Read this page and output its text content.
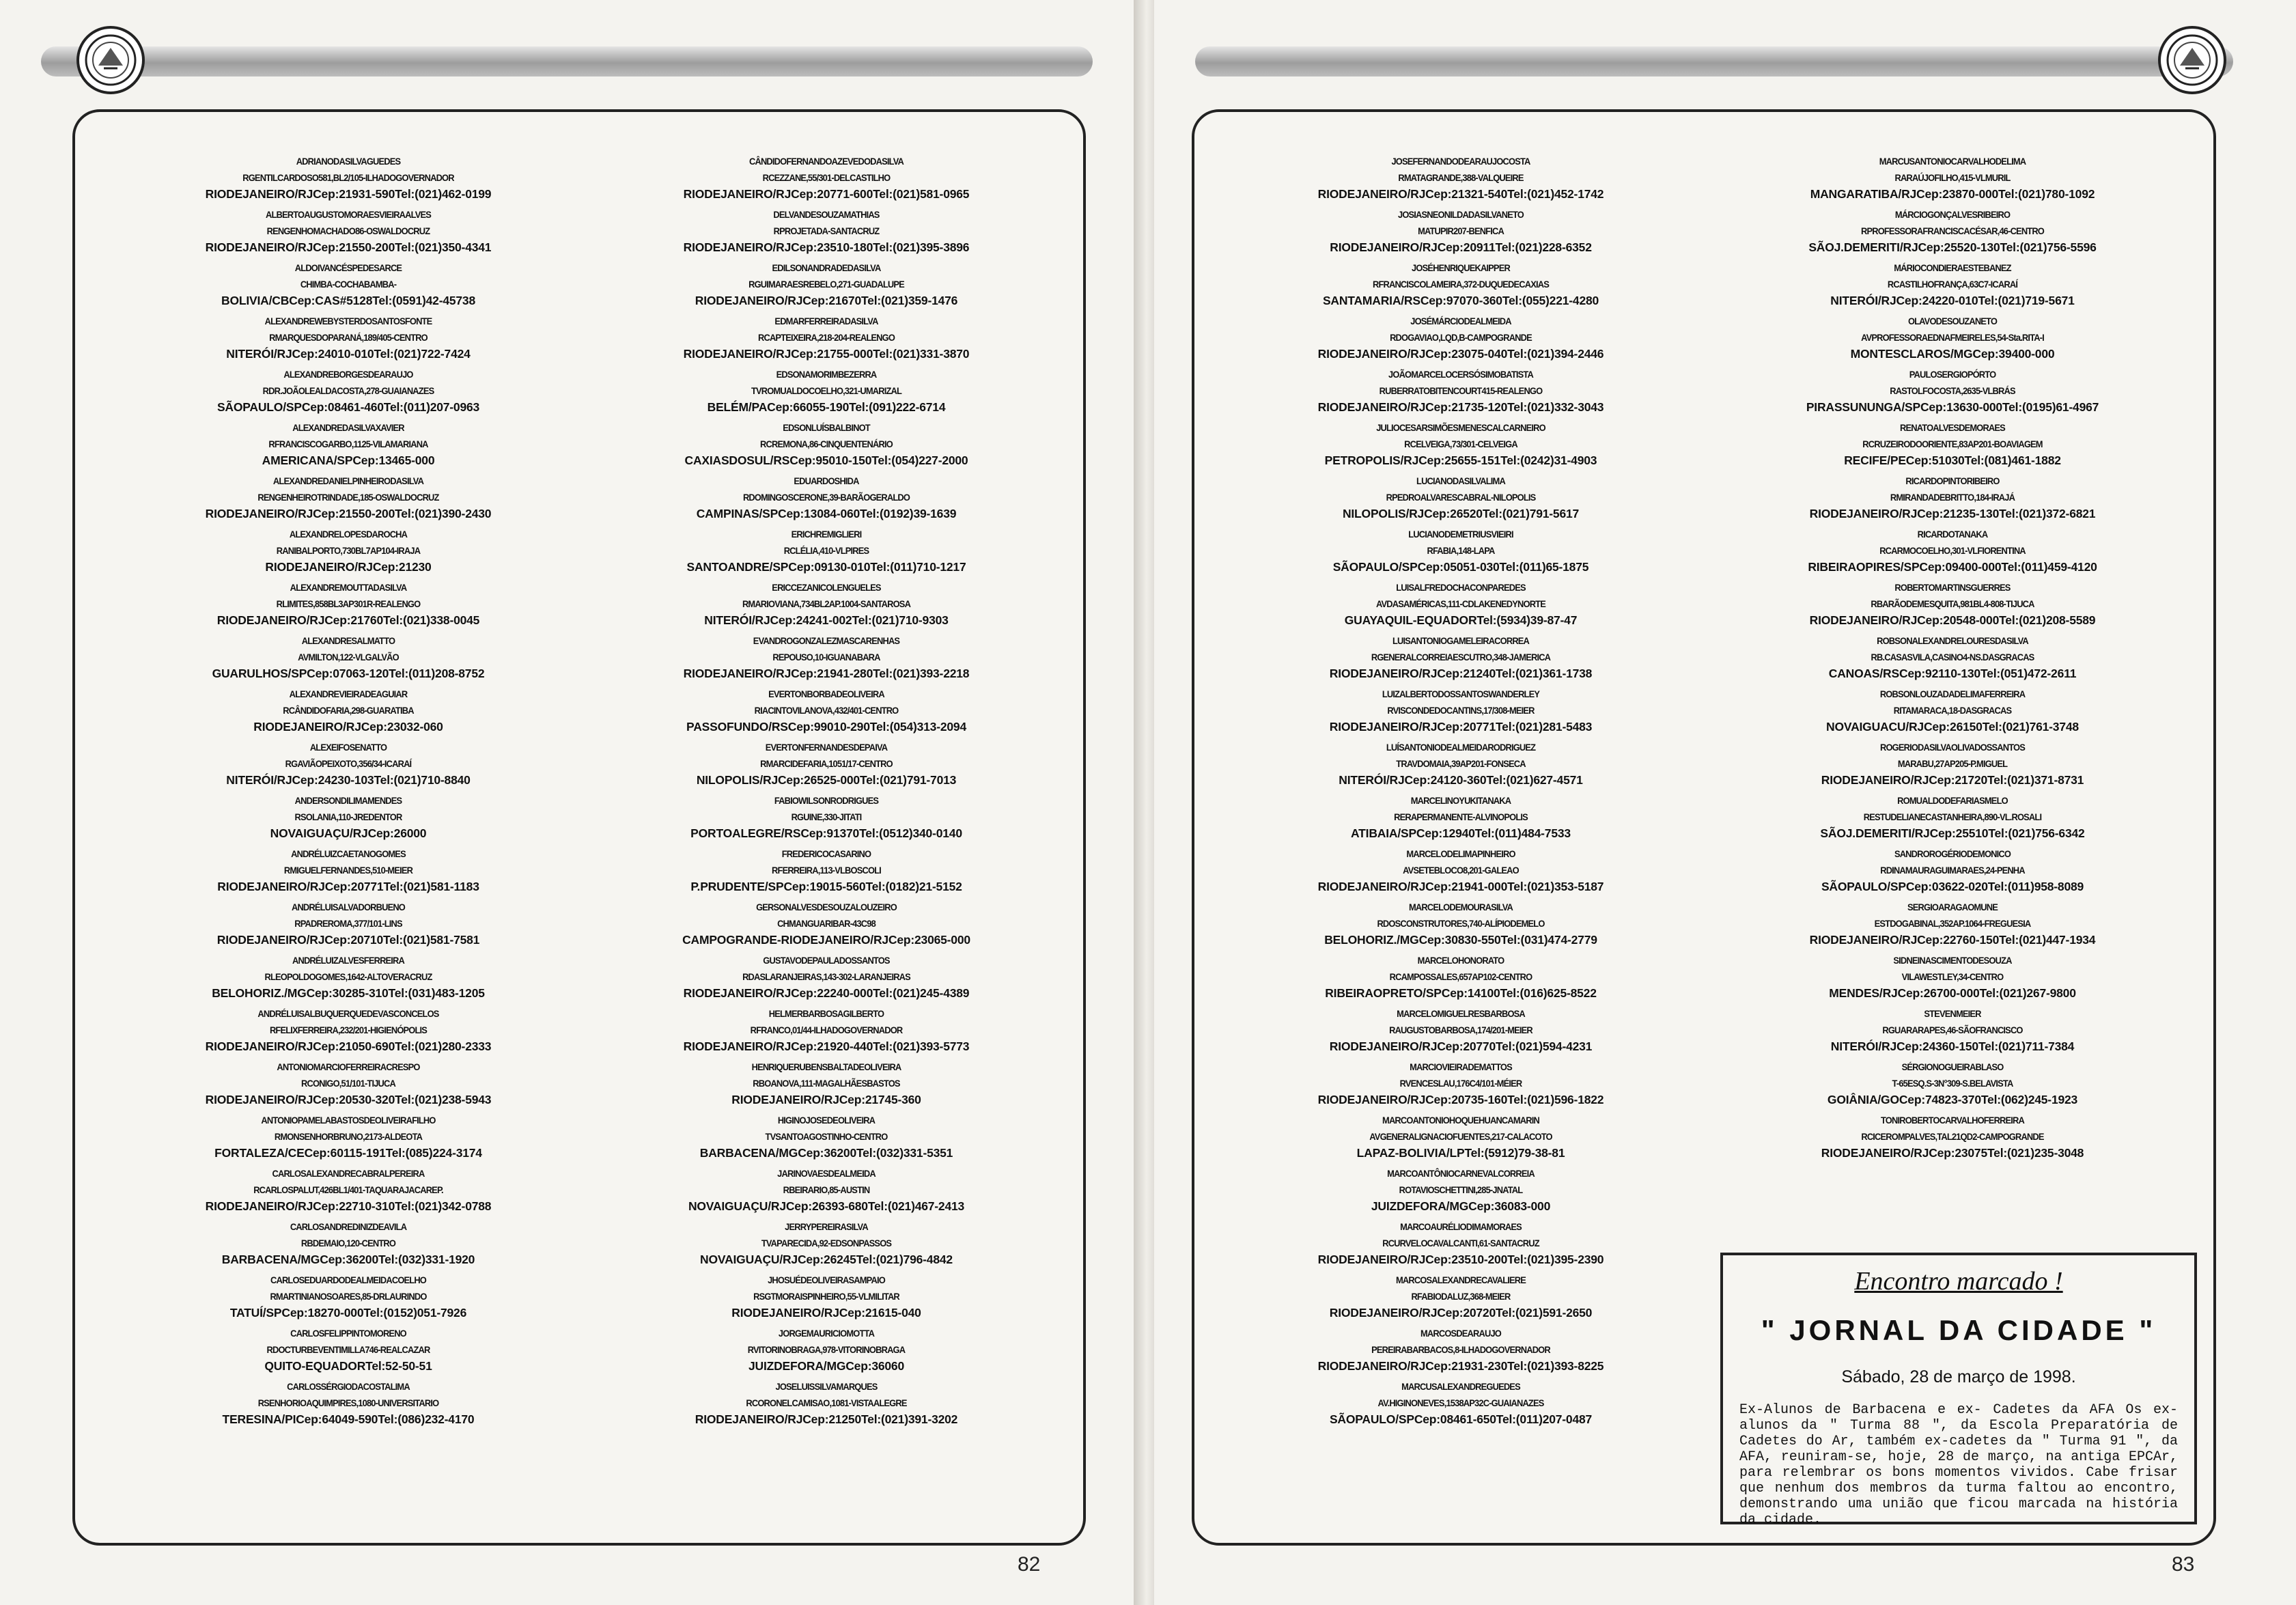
ADRIANODASILVAGUEDES
RGENTILCARDOSO581,BL2/105-ILHADOGOVERNADOR
RIODEJANEIRO/RJCep:21931-590Tel:(021)462-0199
ALBERTOAUGUSTOMORAESVIEIRAALVES
RENGENHOMACHADO86-OSWALDOCRUZ
RIODEJANEIRO/RJCep:21550-200Tel:(021)350-4341
ALDOIVANCÉSPEDESARCE
CHIMBA-COCHABAMBA-
BOLIVIA/CBCep:CAS#5128Tel:(0591)42-45738
ALEXANDREWEBYSTERDOSANTOSFONTE
RMARQUESDOPARANÁ,189/405-CENTRO
NITERÓI/RJCep:24010-010Tel:(021)722-7424
ALEXANDREBORGESDEARAUJO
RDR.JOÃOLEALDACOSTA,278-GUAIANAZES
SÃOPAULO/SPCep:08461-460Tel:(011)207-0963
ALEXANDREDASILVAXAVIER
RFRANCISCOGARBO,1125-VILAMARIANA
AMERICANA/SPCep:13465-000
ALEXANDREDANIELPINHEIRODASILVA
RENGENHEIROTRINDADE,185-OSWALDOCRUZ
RIODEJANEIRO/RJCep:21550-200Tel:(021)390-2430
ALEXANDRELOPESDAROCHA
RANIBALPORTO,730BL7AP104-IRAJA
RIODEJANEIRO/RJCep:21230
ALEXANDREMOUTTADASILVA
RLIMITES,858BL3AP301R-REALENGO
RIODEJANEIRO/RJCep:21760Tel:(021)338-0045
ALEXANDRESALMATTO
AVMILTON,122-VLGALVÃO
GUARULHOS/SPCep:07063-120Tel:(011)208-8752
ALEXANDREVIEIRADEAGUIAR
RCÂNDIDOFARIA,298-GUARATIBA
RIODEJANEIRO/RJCep:23032-060
ALEXEIFOSENATTO
RGAVIÃOPEIXOTO,356/34-ICARAÍ
NITERÓI/RJCep:24230-103Tel:(021)710-8840
ANDERSONDILIMAMENDES
RSOLANIA,110-JREDENTOR
NOVAIGUAÇU/RJCep:26000
ANDRÉLUIZCAETANOGOMES
RMIGUELFERNANDES,510-MEIER
RIODEJANEIRO/RJCep:20771Tel:(021)581-1183
ANDRÉLUISALVADORBUENO
RPADREROMA,377/101-LINS
RIODEJANEIRO/RJCep:20710Tel:(021)581-7581
ANDRÉLUIZALVESFERREIRA
RLEOPOLDOGOMES,1642-ALTOVERACRUZ
BELOHORIZ./MGCep:30285-310Tel:(031)483-1205
ANDRÉLUISALBUQUERQUEDEVASCONCELOS
RFELIXFERREIRA,232/201-HIGIENÓPOLIS
RIODEJANEIRO/RJCep:21050-690Tel:(021)280-2333
ANTONIOMARCIOFERREIRACRESPO
RCONIGO,51/101-TIJUCA
RIODEJANEIRO/RJCep:20530-320Tel:(021)238-5943
ANTONIOPAMELABASTOSDEOLIVEIRAFILHO
RMONSENHORBRUNO,2173-ALDEOTA
FORTALEZA/CECep:60115-191Tel:(085)224-3174
CARLOSALEXANDRECABRALPEREIRA
RCARLOSPALUT,426BL1/401-TAQUARAJACAREP.
RIODEJANEIRO/RJCep:22710-310Tel:(021)342-0788
CARLOSANDREDINIZDEAVILA
RBDEMAIO,120-CENTRO
BARBACENA/MGCep:36200Tel:(032)331-1920
CARLOSEDUARDODEALMEIDACOELHO
RMARTINIANOSOARES,85-DRLAURINDO
TATUÍ/SPCep:18270-000Tel:(0152)051-7926
CARLOSFELIPPINTOMORENO
RDOCTURBEVENTIMILLA746-REALCAZAR
QUITO-EQUADORTel:52-50-51
CARLOSSÉRGIODACOSTALIMA
RSENHORIOAQUIMPIRES,1080-UNIVERSITARIO
TERESINA/PICep:64049-590Tel:(086)232-4170
CÂNDIDOFERNANDOAZEVEDODASILVA
RCEZZANE,55/301-DELCASTILHO
RIODEJANEIRO/RJCep:20771-600Tel:(021)581-0965
DELVANDESOUZAMATHIAS
RPROJETADA-SANTACRUZ
RIODEJANEIRO/RJCep:23510-180Tel:(021)395-3896
EDILSONANDRADEDASILVA
RGUIMARAESREBELO,271-GUADALUPE
RIODEJANEIRO/RJCep:21670Tel:(021)359-1476
EDMARFERREIRADASILVA
RCAPTEIXEIRA,218-204-REALENGO
RIODEJANEIRO/RJCep:21755-000Tel:(021)331-3870
EDSONAMORIMBEZERRA
TVROMUALDOCOELHO,321-UMARIZAL
BELÉM/PACep:66055-190Tel:(091)222-6714
EDSONLUÍSBALBINOT
RCREMONA,86-CINQUENTENÁRIO
CAXIASDOSUL/RSCep:95010-150Tel:(054)227-2000
EDUARDOSHIDA
RDOMINGOSCERONE,39-BARÃOGERALDO
CAMPINAS/SPCep:13084-060Tel:(0192)39-1639
ERICHREMIGLIERI
RCLÉLIA,410-VLPIRES
SANTOANDRE/SPCep:09130-010Tel:(011)710-1217
ERICCEZANICOLENGUELES
RMARIOVIANA,734BL2AP.1004-SANTAROSA
NITERÓI/RJCep:24241-002Tel:(021)710-9303
EVANDROGONZALEZMASCARENHAS
REPOUSO,10-IGUANABARA
RIODEJANEIRO/RJCep:21941-280Tel:(021)393-2218
EVERTONBORBADEOLIVEIRA
RIACINTOVILANOVA,432/401-CENTRO
PASSOFUNDO/RSCep:99010-290Tel:(054)313-2094
EVERTONFERNANDESDEPAIVA
RMARCIDEFARIA,1051/17-CENTRO
NILOPOLIS/RJCep:26525-000Tel:(021)791-7013
FABIOWILSONRODRIGUES
RGUINE,330-JITATI
PORTOALEGRE/RSCep:91370Tel:(0512)340-0140
FREDERICOCASARINO
RFERREIRA,113-VLBOSCOLI
P.PRUDENTE/SPCep:19015-560Tel:(0182)21-5152
GERSONALVESDESOUZALOUZEIRO
CHMANGUARIBAR-43C98
CAMPOGRANDE-RIODEJANEIRO/RJCep:23065-000
GUSTAVODEPAULADOSSANTOS
RDASLARANJEIRAS,143-302-LARANJEIRAS
RIODEJANEIRO/RJCep:22240-000Tel:(021)245-4389
HELMERBARBOSAGILBERTO
RFRANCO,01/44-ILHADOGOVERNADOR
RIODEJANEIRO/RJCep:21920-440Tel:(021)393-5773
HENRIQUERUBENSBALTADEOLIVEIRA
RBOANOVA,111-MAGALHÃESBASTOS
RIODEJANEIRO/RJCep:21745-360
HIGINOJOSEDEOLIVEIRA
TVSANTOAGOSTINHO-CENTRO
BARBACENA/MGCep:36200Tel:(032)331-5351
JARINOVAESDEALMEIDA
RBEIRARIO,85-AUSTIN
NOVAIGUAÇU/RJCep:26393-680Tel:(021)467-2413
JERRYPEREIRASILVA
TVAPARECIDA,92-EDSONPASSOS
NOVAIGUAÇU/RJCep:26245Tel:(021)796-4842
JHOSUÉDEOLIVEIRASAMPAIO
RSGTMORAISPINHEIRO,55-VLMILITAR
RIODEJANEIRO/RJCep:21615-040
JORGEMAURICIOMOTTA
RVITORINOBRAGA,978-VITORINOBRAGA
JUIZDEFORA/MGCep:36060
JOSELUISSILVAMARQUES
RCORONELCAMISAO,1081-VISTAALEGRE
RIODEJANEIRO/RJCep:21250Tel:(021)391-3202
82
JOSEFERNANDODEARAUJOCOSTA
RMATAGRANDE,388-VALQUEIRE
RIODEJANEIRO/RJCep:21321-540Tel:(021)452-1742
JOSIASNEONILDADASILVANETO
MATUPIR207-BENFICA
RIODEJANEIRO/RJCep:20911Tel:(021)228-6352
JOSÉHENRIQUEKAIPPER
RFRANCISCOLAMEIRA,372-DUQUEDECAXIAS
SANTAMARIA/RSCep:97070-360Tel:(055)221-4280
JOSÉMÁRCIODEALMEIDA
RDOGAVIAO,LQD,B-CAMPOGRANDE
RIODEJANEIRO/RJCep:23075-040Tel:(021)394-2446
JOÃOMARCELOCERSÓSIMOBATISTA
RUBERRATOBITENCOURT415-REALENGO
RIODEJANEIRO/RJCep:21735-120Tel:(021)332-3043
JULIOCESARSIMÕESMENESCALCARNEIRO
RCELVEIGA,73/301-CELVEIGA
PETROPOLIS/RJCep:25655-151Tel:(0242)31-4903
LUCIANODASILVALIMA
RPEDROALVARESCABRAL-NILOPOLIS
NILOPOLIS/RJCep:26520Tel:(021)791-5617
LUCIANODEMETRIUSVIEIRI
RFABIA,148-LAPA
SÃOPAULO/SPCep:05051-030Tel:(011)65-1875
LUISALFREDOCHACONPAREDES
AVDASAMÉRICAS,111-CDLAKENEDYNORTE
GUAYAQUIL-EQUADORTel:(5934)39-87-47
LUISANTONIOGAMELEIRACORREA
RGENERALCORREIAESCUTRO,348-JAMERICA
RIODEJANEIRO/RJCep:21240Tel:(021)361-1738
LUIZALBERTODOSSANTOSWANDERLEY
RVISCONDEDOCANTINS,17/308-MEIER
RIODEJANEIRO/RJCep:20771Tel:(021)281-5483
LUÍSANTONIODEALMEIDARODRIGUEZ
TRAVDOMAIA,39AP201-FONSECA
NITERÓI/RJCep:24120-360Tel:(021)627-4571
MARCELINOYUKITANAKA
RERAPERMANENTE-ALVINOPOLIS
ATIBAIA/SPCep:12940Tel:(011)484-7533
MARCELODELIMAPINHEIRO
AVSETEBLOCO8,201-GALEAO
RIODEJANEIRO/RJCep:21941-000Tel:(021)353-5187
MARCELODEMOURASILVA
RDOSCONSTRUTORES,740-ALÍPIODEMELO
BELOHORIZ./MGCep:30830-550Tel:(031)474-2779
MARCELOHONORATO
RCAMPOSSALES,657AP102-CENTRO
RIBEIRAOPRETO/SPCep:14100Tel:(016)625-8522
MARCELOMIGUELRESBARBOSA
RAUGUSTOBARBOSA,174/201-MEIER
RIODEJANEIRO/RJCep:20770Tel:(021)594-4231
MARCIOVIEIRADEMATTOS
RVENCESLAU,176C4/101-MÉIER
RIODEJANEIRO/RJCep:20735-160Tel:(021)596-1822
MARCOANTONIOHOQUEHUANCAMARIN
AVGENERALIGNACIOFUENTES,217-CALACOTO
LAPAZ-BOLIVIA/LPTel:(5912)79-38-81
MARCOANTÔNIOCARNEVALCORREIA
ROTAVIOSCHETTINI,285-JNATAL
JUIZDEFORA/MGCep:36083-000
MARCOAURÉLIODIMAMORAES
RCURVELOCAVALCANTI,61-SANTACRUZ
RIODEJANEIRO/RJCep:23510-200Tel:(021)395-2390
MARCOSALEXANDRECAVALIERE
RFABIODALUZ,368-MEIER
RIODEJANEIRO/RJCep:20720Tel:(021)591-2650
MARCOSDEARAUJO
PEREIRABARBACOS,8-ILHADOGOVERNADOR
RIODEJANEIRO/RJCep:21931-230Tel:(021)393-8225
MARCUSALEXANDREGUEDES
AV.HIGINONEVES,1538AP32C-GUAIANAZES
SÃOPAULO/SPCep:08461-650Tel:(011)207-0487
MARCUSANTONIOCARVALHODELIMA
RARAÚJOFILHO,415-VLMURIL
MANGARATIBA/RJCep:23870-000Tel:(021)780-1092
MÁRCIOGONÇALVESRIBEIRO
RPROFESSORAFRANCISCACÉSAR,46-CENTRO
SÃOJ.DEMERITI/RJCep:25520-130Tel:(021)756-5596
MÁRIOCONDIERAESTEBANEZ
RCASTILHOFRANÇA,63C7-ICARAÍ
NITERÓI/RJCep:24220-010Tel:(021)719-5671
OLAVODESOUZANETO
AVPROFESSORAEDNAFMEIRELES,54-Sta.RITA-I
MONTESCLAROS/MGCep:39400-000
PAULOSERGIOPÓRTO
RASTOLFOCOSTA,2635-VLBRÁS
PIRASSUNUNGA/SPCep:13630-000Tel:(0195)61-4967
RENATOALVESDEMORAES
RCRUZEIRODOORIENTE,83AP201-BOAVIAGEM
RECIFE/PECep:51030Tel:(081)461-1882
RICARDOPINTORIBEIRO
RMIRANDADEBRITTO,184-IRAJÁ
RIODEJANEIRO/RJCep:21235-130Tel:(021)372-6821
RICARDOTANAKA
RCARMOCOELHO,301-VLFIORENTINA
RIBEIRAOPIRES/SPCep:09400-000Tel:(011)459-4120
ROBERTOMARTINSGUERRES
RBARÃODEMESQUITA,981BL4-808-TIJUCA
RIODEJANEIRO/RJCep:20548-000Tel:(021)208-5589
ROBSONALEXANDRELOURESDASILVA
RB.CASASVILA,CASINO4-NS.DASGRACAS
CANOAS/RSCep:92110-130Tel:(051)472-2611
ROBSONLOUZADADELIMAFERREIRA
RITAMARACA,18-DASGRACAS
NOVAIGUACU/RJCep:26150Tel:(021)761-3748
ROGERIODASILVAOLIVADOSSANTOS
MARABU,27AP205-P.MIGUEL
RIODEJANEIRO/RJCep:21720Tel:(021)371-8731
ROMUALDODEFARIASMELO
RESTUDELIANECASTANHEIRA,890-VL.ROSALI
SÃOJ.DEMERITI/RJCep:25510Tel:(021)756-6342
SANDROROGÉRIODEMONICO
RDINAMAURAGUIMARAES,24-PENHA
SÃOPAULO/SPCep:03622-020Tel:(011)958-8089
SERGIOARAGAOMUNE
ESTDOGABINAL,352AP.1064-FREGUESIA
RIODEJANEIRO/RJCep:22760-150Tel:(021)447-1934
SIDNEINASCIMENTODESOUZA
VILAWESTLEY,34-CENTRO
MENDES/RJCep:26700-000Tel:(021)267-9800
STEVENMEIER
RGUARARAPES,46-SÃOFRANCISCO
NITERÓI/RJCep:24360-150Tel:(021)711-7384
SÉRGIONOGUEIRABLASO
T-65ESQ.S-3N°309-S.BELAVISTA
GOIÂNIA/GOCep:74823-370Tel:(062)245-1923
TONIROBERTOCARVALHOFERREIRA
RCICEROMPALVES,TAL21QD2-CAMPOGRANDE
RIODEJANEIRO/RJCep:23075Tel:(021)235-3048
Encontro marcado !
" JORNAL DA CIDADE "
Sábado, 28 de março de 1998.
Ex-Alunos de Barbacena e ex- Cadetes da AFA Os ex-alunos da " Turma 88 ", da Escola Preparatória de Cadetes do Ar, também ex-cadetes da " Turma 91 ", da AFA, reuniram-se, hoje, 28 de março, na antiga EPCAr, para relembrar os bons momentos vividos. Cabe frisar que nenhum dos membros da turma faltou ao encontro, demonstrando uma união que ficou marcada na história da cidade.
83
